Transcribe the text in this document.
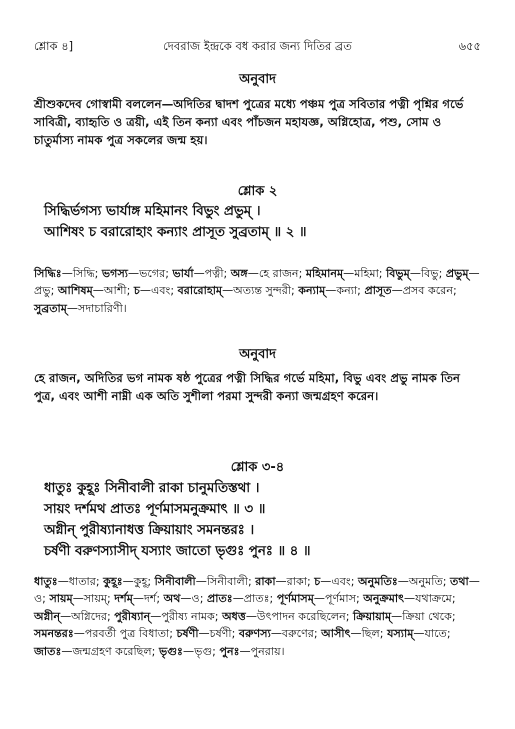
শ্লোক ৪]	দেবরাজ ইন্দ্রকে বধ করার জন্য দিতির ব্রত	৬৫৫
অনুবাদ
শ্রীশুকদেব গোস্বামী বললেন—অদিতির দ্বাদশ পুত্রের মধ্যে পঞ্চম পুত্র সবিতার পত্নী পৃশ্নির গর্ভে সাবিত্রী, ব্যাহৃতি ও ত্রয়ী, এই তিন কন্যা এবং পাঁচজন মহাযজ্ঞ, অগ্নিহোত্র, পশু, সোম ও চাতুর্মাস্য নামক পুত্র সকলের জন্ম হয়।
শ্লোক ২
সিদ্ধির্ভগস্য ভার্যাঙ্গ মহিমানং বিভুং প্রভুম্ ।
আশিষং চ বরারোহাং কন্যাং প্রাসূত সুব্রতাম্ ॥ ২ ॥
সিদ্ধিঃ—সিদ্ধি; ভগস্য—ভগের; ভার্যা—পত্নী; অঙ্গ—হে রাজন; মহিমানম্—মহিমা; বিভুম্—বিভু; প্রভুম্—প্রভু; আশিষম্—আশী; চ—এবং; বরারোহাম্—অত্যন্ত সুন্দরী; কন্যাম্—কন্যা; প্রাসূত—প্রসব করেন; সুব্রতাম্—সদাচারিণী।
অনুবাদ
হে রাজন, অদিতির ভগ নামক ষষ্ঠ পুত্রের পত্নী সিদ্ধির গর্ভে মহিমা, বিভু এবং প্রভু নামক তিন পুত্র, এবং আশী নাম্নী এক অতি সুশীলা পরমা সুন্দরী কন্যা জন্মগ্রহণ করেন।
শ্লোক ৩-৪
ধাতুঃ কুহূঃ সিনীবালী রাকা চানুমতিস্তথা ।
সায়ং দর্শমথ প্রাতঃ পূর্ণমাসমনুক্রমাৎ ॥ ৩ ॥
অগ্নীন্ পুরীষ্যানাধত্ত ক্রিয়ায়াং সমনন্তরঃ ।
চর্ষণী বরুণস্যাসীদ্ যস্যাং জাতো ভৃগুঃ পুনঃ ॥ ৪ ॥
ধাতুঃ—ধাতার; কুহূঃ—কুহূ; সিনীবালী—সিনীবালী; রাকা—রাকা; চ—এবং; অনুমতিঃ—অনুমতি; তথা—ও; সায়ম্—সায়ম্; দর্শম্—দর্শ; অথ—ও; প্রাতঃ—প্রাতঃ; পূর্ণমাসম্—পূর্ণমাস; অনুক্রমাৎ—যথাক্রমে; অগ্নীন্—অগ্নিদের; পুরীষ্যান্—পুরীষ্য নামক; অধত্ত—উৎপাদন করেছিলেন; ক্রিয়ায়াম্—ক্রিয়া থেকে; সমনন্তরঃ—পরবর্তী পুত্র বিধাতা; চর্ষণী—চর্ষণী; বরুণস্য—বরুণের; আসীৎ—ছিল; যস্যাম্—যাতে; জাতঃ—জন্মগ্রহণ করেছিল; ভৃগুঃ—ভৃগু; পুনঃ—পুনরায়।
